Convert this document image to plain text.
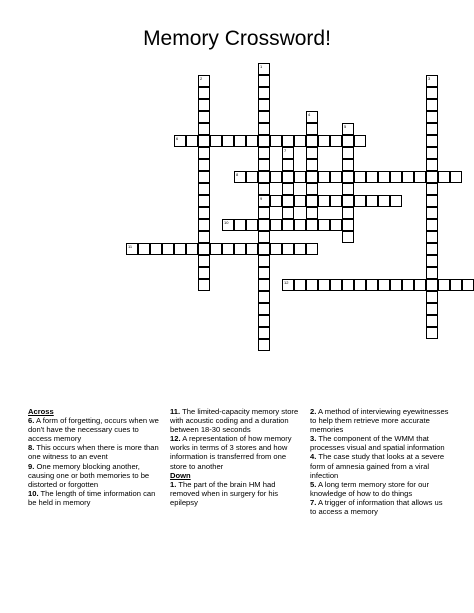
Memory Crossword!
1
9
2	3
4
5
7
6
8
10
11
12
Across
6. A form of forgetting, occurs when we don't have the necessary cues to access memory
8. This occurs when there is more than one witness to an event
9. One memory blocking another, causing one or both memories to be distorted or forgotten
10. The length of time information can be held in memory
11. The limited-capacity memory store with acoustic coding and a duration between 18-30 seconds
12. A representation of how memory works in terms of 3 stores and how information is transferred from one store to another
Down
1. The part of the brain HM had removed when in surgery for his epilepsy
2. A method of interviewing eyewitnesses to help them retrieve more accurate memories
3. The component of the WMM that processes visual and spatial information
4. The case study that looks at a severe form of amnesia gained from a viral infection
5. A long term memory store for our knowledge of how to do things
7. A trigger of information that allows us to access a memory
